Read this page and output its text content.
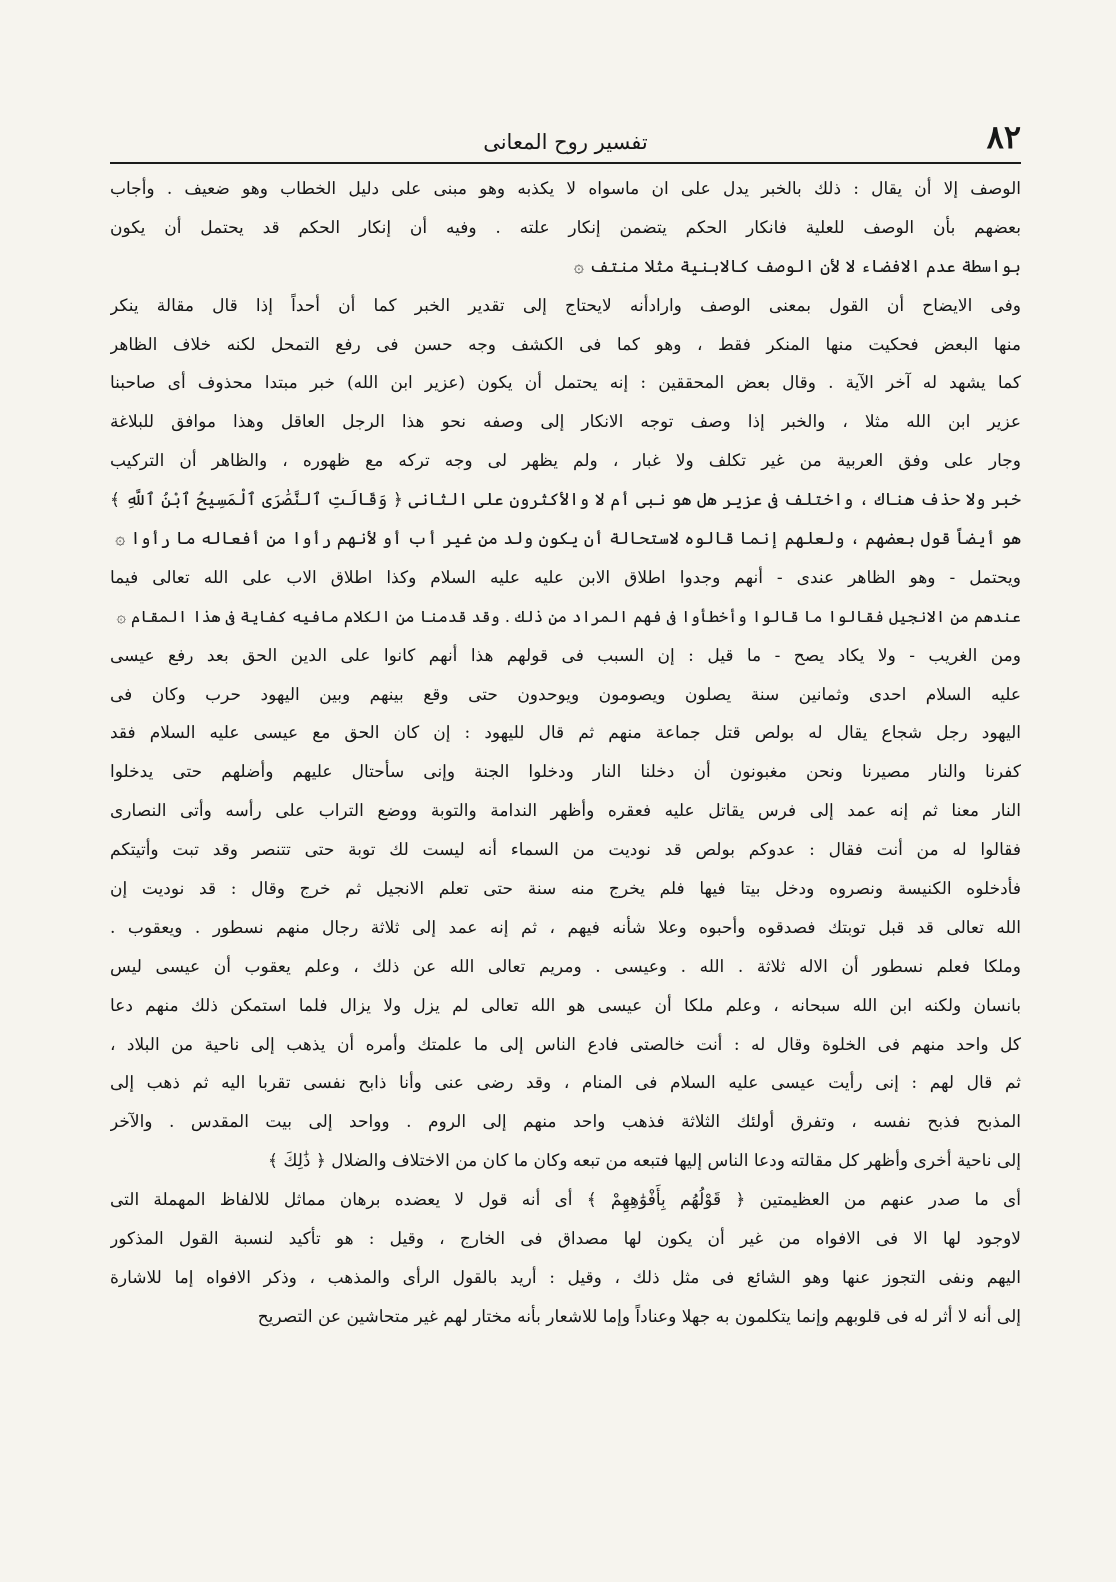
٨٢
تفسير روح المعانى
الوصف إلا أن يقال : ذلك بالخبر يدل على ان ماسواه لا يكذبه وهو مبنى على دليل الخطاب وهو ضعيف . وأجاب
بعضهم بأن الوصف للعلية فانكار الحكم يتضمن إنكار علته . وفيه أن إنكار الحكم قد يحتمل أن يكون
بواسطة عدم الافضاء لا لأن الوصف كالابنية مثلا منتف ۞
وفى الايضاح أن القول بمعنى الوصف وارادأنه لايحتاج إلى تقدير الخبر كما أن أحداً إذا قال مقالة ينكر
منها البعض فحكيت منها المنكر فقط ، وهو كما فى الكشف وجه حسن فى رفع التمحل لكنه خلاف الظاهر
كما يشهد له آخر الآية . وقال بعض المحققين : إنه يحتمل أن يكون (عزير ابن الله) خبر مبتدا محذوف أى صاحبنا
عزير ابن الله مثلا ، والخبر إذا وصف توجه الانكار إلى وصفه نحو هذا الرجل العاقل وهذا موافق للبلاغة
وجار على وفق العربية من غير تكلف ولا غبار ، ولم يظهر لى وجه تركه مع ظهوره ، والظاهر أن التركيب
خبر ولا حذف هناك ، واختلف فى عزير هل هو نبى أم لا والأكثرون على الثانى ﴿ وَقَالَتِ ٱلنَّصَٰرَى ٱلْمَسِيحُ ٱبْنُ ٱللَّهِ ﴾
هو أيضاً قول بعضهم ، ولعلهم إنما قالوه لاستحالة أن يكون ولد من غير أب أو لأنهم رأوا من أفعاله ما رأوا ۞
ويحتمل - وهو الظاهر عندى - أنهم وجدوا اطلاق الابن عليه عليه السلام وكذا اطلاق الاب على الله تعالى فيما
عندهم من الانجيل فقالوا ما قالوا وأخطأوا فى فهم المراد من ذلك . وقد قدمنا من الكلام مافيه كفاية فى هذا المقام ۞
ومن الغريب - ولا يكاد يصح - ما قيل : إن السبب فى قولهم هذا أنهم كانوا على الدين الحق بعد رفع عيسى
عليه السلام احدى وثمانين سنة يصلون ويصومون ويوحدون حتى وقع بينهم وبين اليهود حرب وكان فى
اليهود رجل شجاع يقال له بولص قتل جماعة منهم ثم قال لليهود : إن كان الحق مع عيسى عليه السلام فقد
كفرنا والنار مصيرنا ونحن مغبونون أن دخلنا النار ودخلوا الجنة وإنى سأحتال عليهم وأضلهم حتى يدخلوا
النار معنا ثم إنه عمد إلى فرس يقاتل عليه فعقره وأظهر الندامة والتوبة ووضع التراب على رأسه وأتى النصارى
فقالوا له من أنت فقال : عدوكم بولص قد نوديت من السماء أنه ليست لك توبة حتى تتنصر وقد تبت وأتيتكم
فأدخلوه الكنيسة ونصروه ودخل بيتا فيها فلم يخرج منه سنة حتى تعلم الانجيل ثم خرج وقال : قد نوديت إن
الله تعالى قد قبل توبتك فصدقوه وأحبوه وعلا شأنه فيهم ، ثم إنه عمد إلى ثلاثة رجال منهم نسطور . ويعقوب .
وملكا فعلم نسطور أن الاله ثلاثة . الله . وعيسى . ومريم تعالى الله عن ذلك ، وعلم يعقوب أن عيسى ليس
بانسان ولكنه ابن الله سبحانه ، وعلم ملكا أن عيسى هو الله تعالى لم يزل ولا يزال فلما استمكن ذلك منهم دعا
كل واحد منهم فى الخلوة وقال له : أنت خالصتى فادع الناس إلى ما علمتك وأمره أن يذهب إلى ناحية من البلاد ،
ثم قال لهم : إنى رأيت عيسى عليه السلام فى المنام ، وقد رضى عنى وأنا ذابح نفسى تقربا اليه ثم ذهب إلى
المذبح فذبح نفسه ، وتفرق أولئك الثلاثة فذهب واحد منهم إلى الروم . وواحد إلى بيت المقدس . والآخر
إلى ناحية أخرى وأظهر كل مقالته ودعا الناس إليها فتبعه من تبعه وكان ما كان من الاختلاف والضلال ﴿ ذَٰلِكَ ﴾
أى ما صدر عنهم من العظيمتين ﴿ قَوْلُهُم بِأَفْوَٰهِهِمْ ﴾ أى أنه قول لا يعضده برهان مماثل للالفاظ المهملة التى
لاوجود لها الا فى الافواه من غير أن يكون لها مصداق فى الخارج ، وقيل : هو تأكيد لنسبة القول المذكور
اليهم ونفى التجوز عنها وهو الشائع فى مثل ذلك ، وقيل : أريد بالقول الرأى والمذهب ، وذكر الافواه إما للاشارة
إلى أنه لا أثر له فى قلوبهم وإنما يتكلمون به جهلا وعناداً وإما للاشعار بأنه مختار لهم غير متحاشين عن التصريح
